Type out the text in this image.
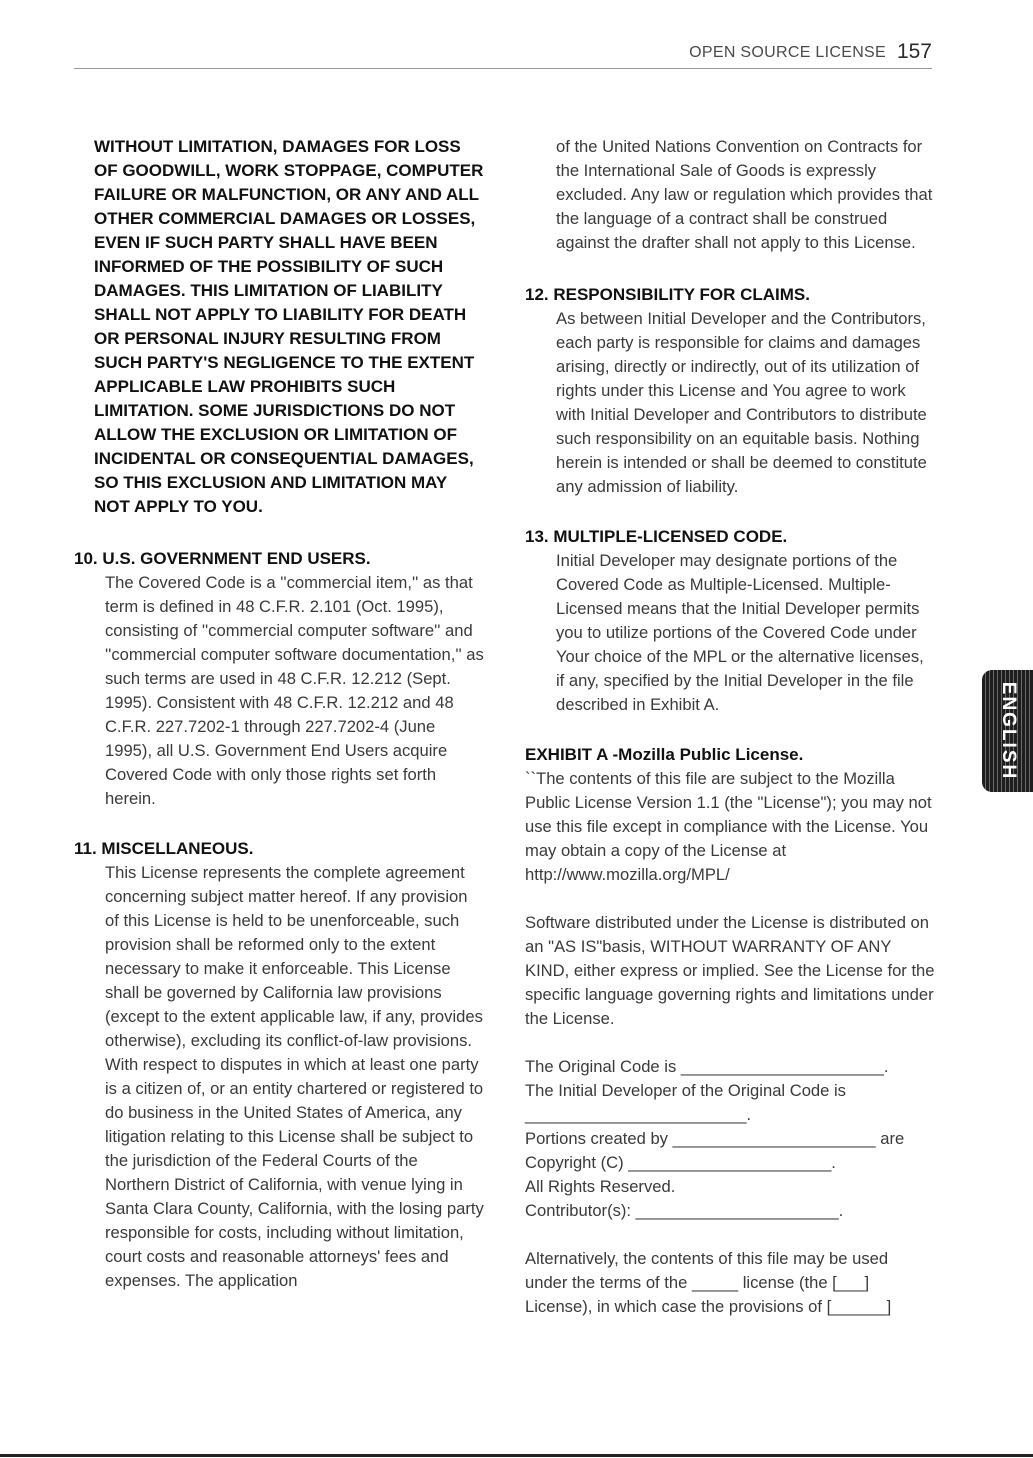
OPEN SOURCE LICENSE 157

WITHOUT LIMITATION, DAMAGES FOR LOSS OF GOODWILL, WORK STOPPAGE, COMPUTER FAILURE OR MALFUNCTION, OR ANY AND ALL OTHER COMMERCIAL DAMAGES OR LOSSES, EVEN IF SUCH PARTY SHALL HAVE BEEN INFORMED OF THE POSSIBILITY OF SUCH DAMAGES. THIS LIMITATION OF LIABILITY SHALL NOT APPLY TO LIABILITY FOR DEATH OR PERSONAL INJURY RESULTING FROM SUCH PARTY'S NEGLIGENCE TO THE EXTENT APPLICABLE LAW PROHIBITS SUCH LIMITATION. SOME JURISDICTIONS DO NOT ALLOW THE EXCLUSION OR LIMITATION OF INCIDENTAL OR CONSEQUENTIAL DAMAGES, SO THIS EXCLUSION AND LIMITATION MAY NOT APPLY TO YOU.

10. U.S. GOVERNMENT END USERS.

The Covered Code is a ''commercial item,'' as that term is defined in 48 C.F.R. 2.101 (Oct. 1995), consisting of ''commercial computer software'' and ''commercial computer software documentation,'' as such terms are used in 48 C.F.R. 12.212 (Sept. 1995). Consistent with 48 C.F.R. 12.212 and 48 C.F.R. 227.7202-1 through 227.7202-4 (June 1995), all U.S. Government End Users acquire Covered Code with only those rights set forth herein.

11. MISCELLANEOUS.

This License represents the complete agreement concerning subject matter hereof. If any provision of this License is held to be unenforceable, such provision shall be reformed only to the extent necessary to make it enforceable. This License shall be governed by California law provisions (except to the extent applicable law, if any, provides otherwise), excluding its conflict-of-law provisions. With respect to disputes in which at least one party is a citizen of, or an entity chartered or registered to do business in the United States of America, any litigation relating to this License shall be subject to the jurisdiction of the Federal Courts of the Northern District of California, with venue lying in Santa Clara County, California, with the losing party responsible for costs, including without limitation, court costs and reasonable attorneys' fees and expenses. The application

of the United Nations Convention on Contracts for the International Sale of Goods is expressly excluded. Any law or regulation which provides that the language of a contract shall be construed against the drafter shall not apply to this License.

12. RESPONSIBILITY FOR CLAIMS.

As between Initial Developer and the Contributors, each party is responsible for claims and damages arising, directly or indirectly, out of its utilization of rights under this License and You agree to work with Initial Developer and Contributors to distribute such responsibility on an equitable basis. Nothing herein is intended or shall be deemed to constitute any admission of liability.

13. MULTIPLE-LICENSED CODE.

Initial Developer may designate portions of the Covered Code as Multiple-Licensed. Multiple-Licensed means that the Initial Developer permits you to utilize portions of the Covered Code under Your choice of the MPL or the alternative licenses, if any, specified by the Initial Developer in the file described in Exhibit A.

EXHIBIT A -Mozilla Public License.

``The contents of this file are subject to the Mozilla Public License Version 1.1 (the "License"); you may not use this file except in compliance with the License. You may obtain a copy of the License at http://www.mozilla.org/MPL/

Software distributed under the License is distributed on an "AS IS"basis, WITHOUT WARRANTY OF ANY KIND, either express or implied. See the License for the specific language governing rights and limitations under the License.

The Original Code is ______________________.
The Initial Developer of the Original Code is
________________________.
Portions created by ______________________ are
Copyright (C) ______________________.
All Rights Reserved.
Contributor(s): ______________________.

Alternatively, the contents of this file may be used under the terms of the _____ license (the [___] License), in which case the provisions of [______]

ENGLISH
